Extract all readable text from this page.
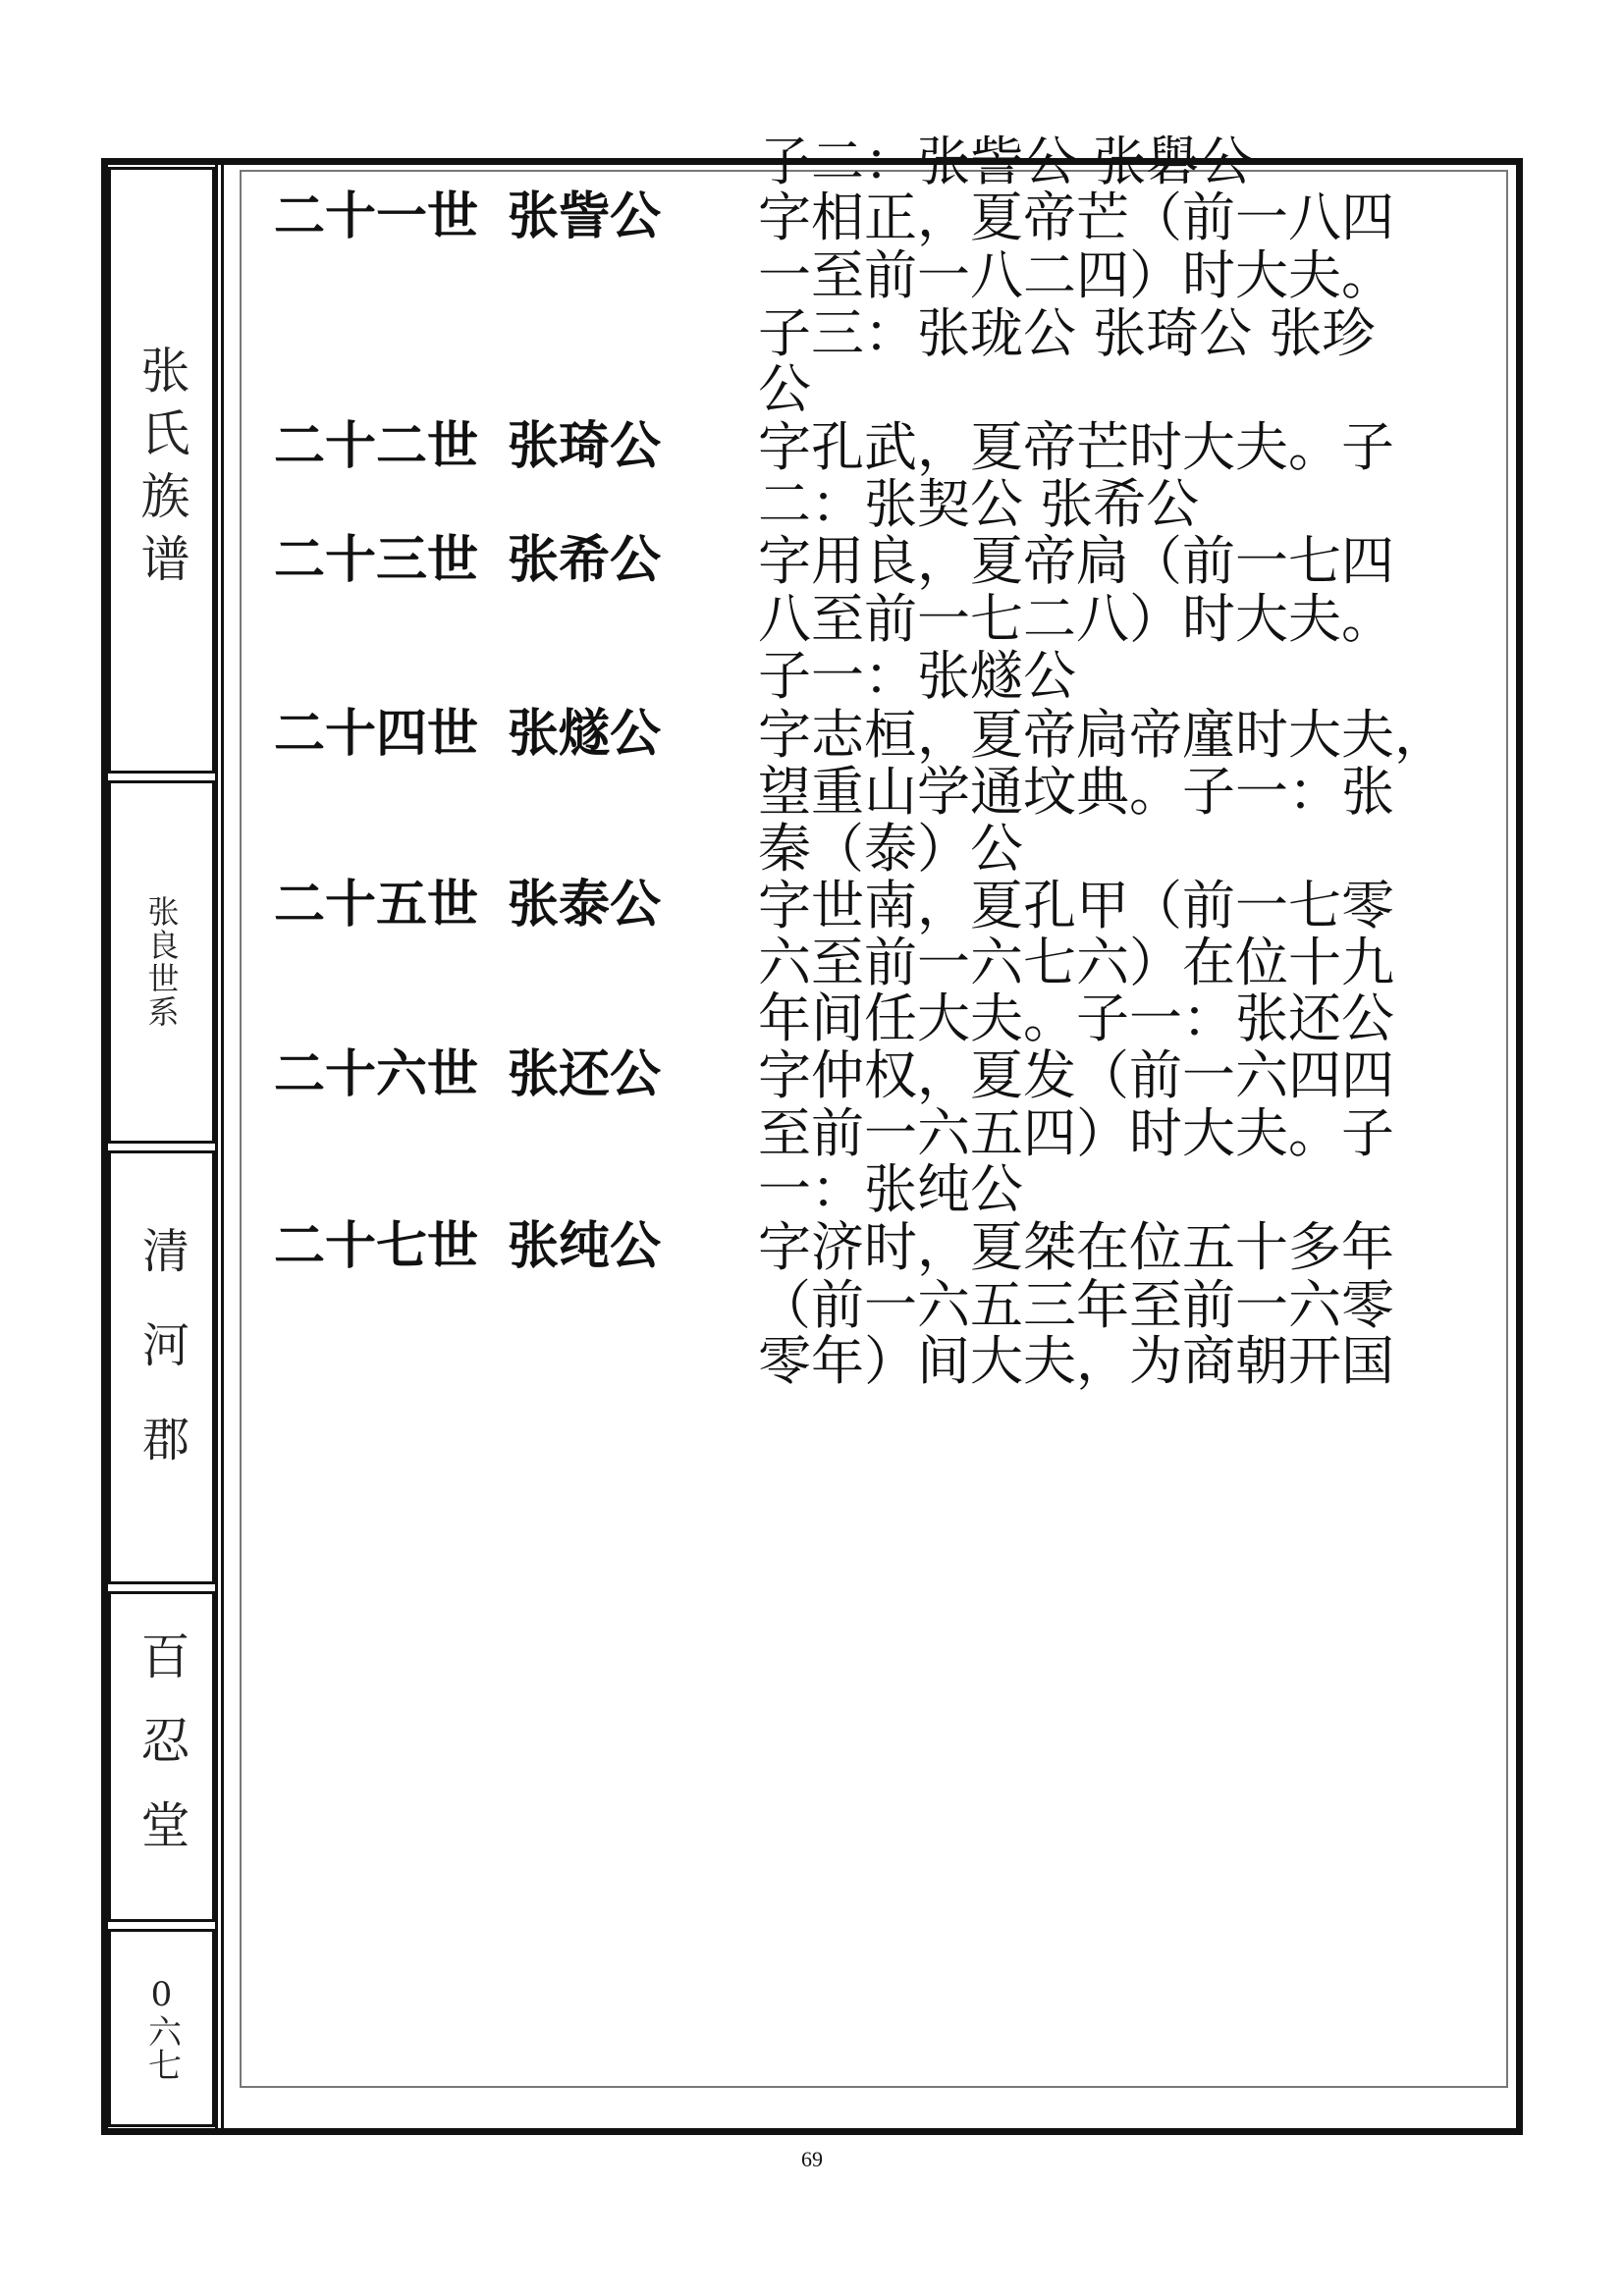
张氏族谱
张良世系
清河郡
百忍堂
0六七
二十一世 张訾公
二十二世 张琦公
二十三世 张希公
二十四世 张燧公
二十五世 张泰公
二十六世 张还公
二十七世 张纯公
子二：张訾公 张礜公
字相正，夏帝芒（前一八四
一至前一八二四）时大夫。
子三：张珑公 张琦公 张珍
公
字孔武，夏帝芒时大夫。子
二：张契公 张希公
字用良，夏帝扃（前一七四
八至前一七二八）时大夫。
子一：张燧公
字志桓，夏帝扃帝廑时大夫，
望重山学通坟典。子一：张
秦（泰）公
字世南，夏孔甲（前一七零
六至前一六七六）在位十九
年间任大夫。子一：张还公
字仲权，夏发（前一六四四
至前一六五四）时大夫。子
一：张纯公
字济时，夏桀在位五十多年
（前一六五三年至前一六零
零年）间大夫，为商朝开国
69
